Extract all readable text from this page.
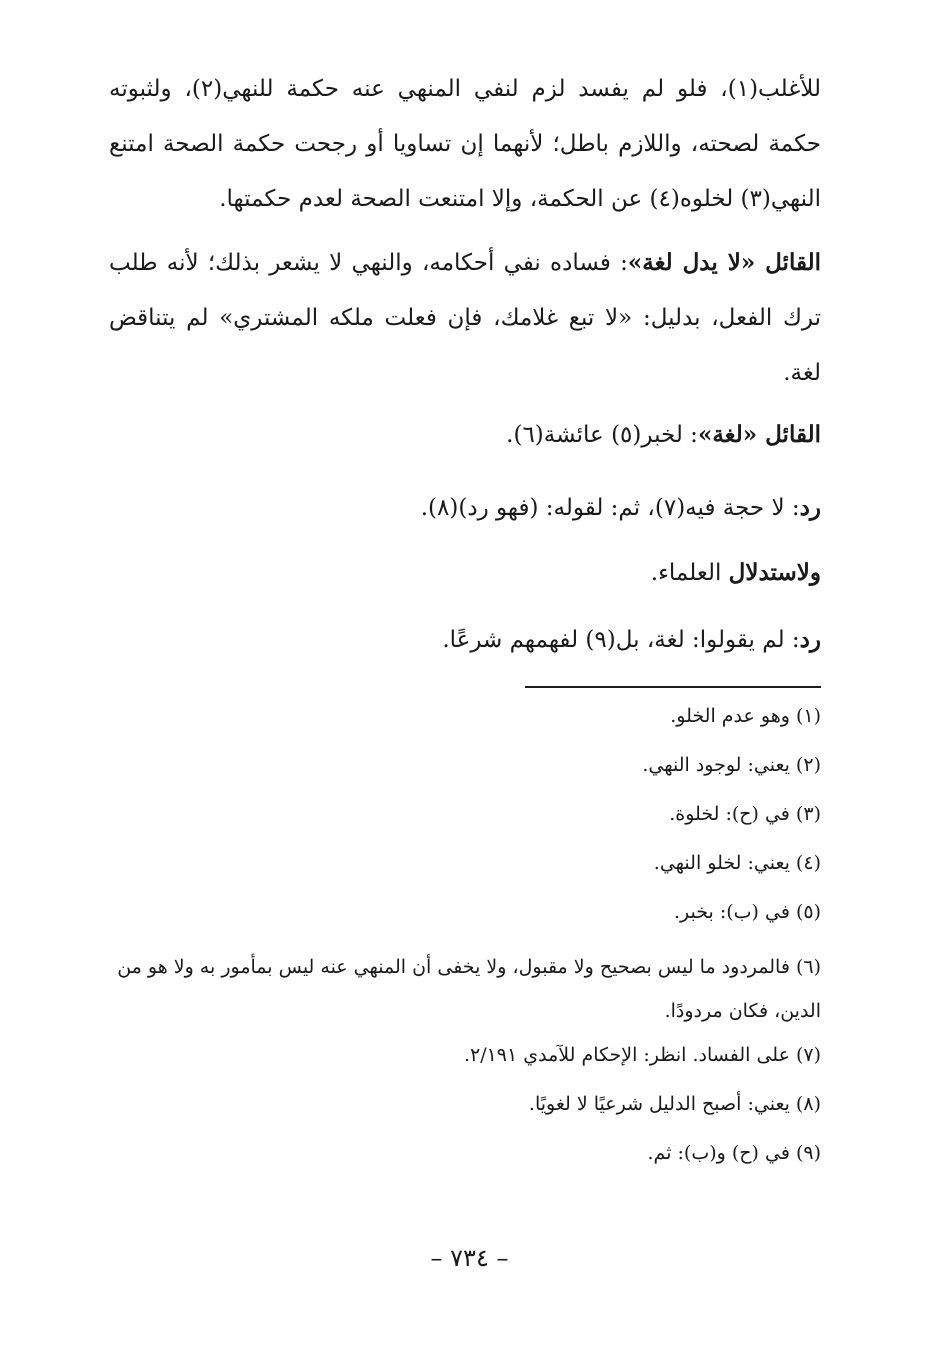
للأغلب(١)، فلو لم يفسد لزم لنفي المنهي عنه حكمة للنهي(٢)، ولثبوته حكمة لصحته، واللازم باطل؛ لأنهما إن تساويا أو رجحت حكمة الصحة امتنع النهي(٣) لخلوه(٤) عن الحكمة، وإلا امتنعت الصحة لعدم حكمتها.

القائل «لا يدل لغة»: فساده نفي أحكامه، والنهي لا يشعر بذلك؛ لأنه طلب ترك الفعل، بدليل: «لا تبع غلامك، فإن فعلت ملكه المشتري» لم يتناقض لغة.

القائل «لغة»: لخبر(٥) عائشة(٦).

رد: لا حجة فيه(٧)، ثم: لقوله: (فهو رد)(٨).

ولاستدلال العلماء.

رد: لم يقولوا: لغة، بل(٩) لفهمهم شرعًا.

(١) وهو عدم الخلو.
(٢) يعني: لوجود النهي.
(٣) في (ح): لخلوة.
(٤) يعني: لخلو النهي.
(٥) في (ب): بخبر.
(٦) فالمردود ما ليس بصحيح ولا مقبول، ولا يخفى أن المنهي عنه ليس بمأمور به ولا هو من الدين، فكان مردودًا.
(٧) على الفساد. انظر: الإحكام للآمدي ٢/١٩١.
(٨) يعني: أصبح الدليل شرعيًا لا لغويًا.
(٩) في (ح) و(ب): ثم.
– ٧٣٤ –
